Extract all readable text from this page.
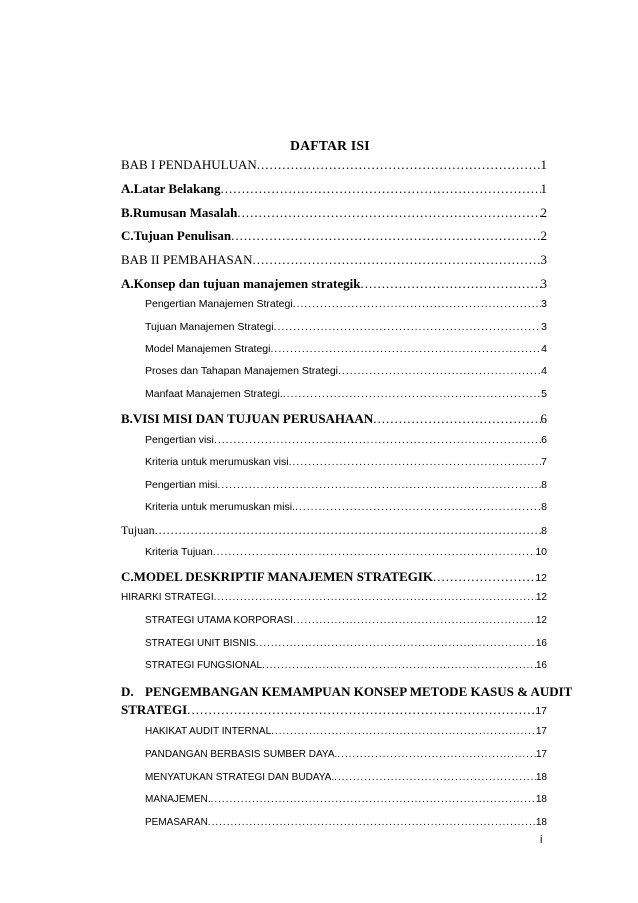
DAFTAR ISI
BAB I PENDAHULUAN .....	1
A. Latar Belakang .....	1
B. Rumusan Masalah .....	2
C. Tujuan Penulisan .....	2
BAB II PEMBAHASAN .....	3
A. Konsep dan tujuan manajemen strategik .....	3
Pengertian Manajemen Strategi .....	3
Tujuan Manajemen Strategi .....	3
Model Manajemen Strategi .....	4
Proses dan Tahapan Manajemen Strategi .....	4
Manfaat Manajemen Strategi. .....	5
B. VISI MISI DAN TUJUAN PERUSAHAAN .....	6
Pengertian visi .....	6
Kriteria untuk merumuskan visi .....	7
Pengertian misi .....	8
Kriteria untuk merumuskan misi. .....	8
Tujuan .....	8
Kriteria Tujuan .....	10
C. MODEL DESKRIPTIF MANAJEMEN STRATEGIK .....	12
HIRARKI STRATEGI .....	12
STRATEGI UTAMA KORPORASI .....	12
STRATEGI UNIT BISNIS .....	16
STRATEGI FUNGSIONAL .....	16
D. PENGEMBANGAN KEMAMPUAN KONSEP METODE KASUS & AUDIT
STRATEGI .....	17
HAKIKAT AUDIT INTERNAL .....	17
PANDANGAN BERBASIS SUMBER DAYA. .....	17
MENYATUKAN STRATEGI DAN BUDAYA. .....	18
MANAJEMEN. .....	18
PEMASARAN .....	18
i
